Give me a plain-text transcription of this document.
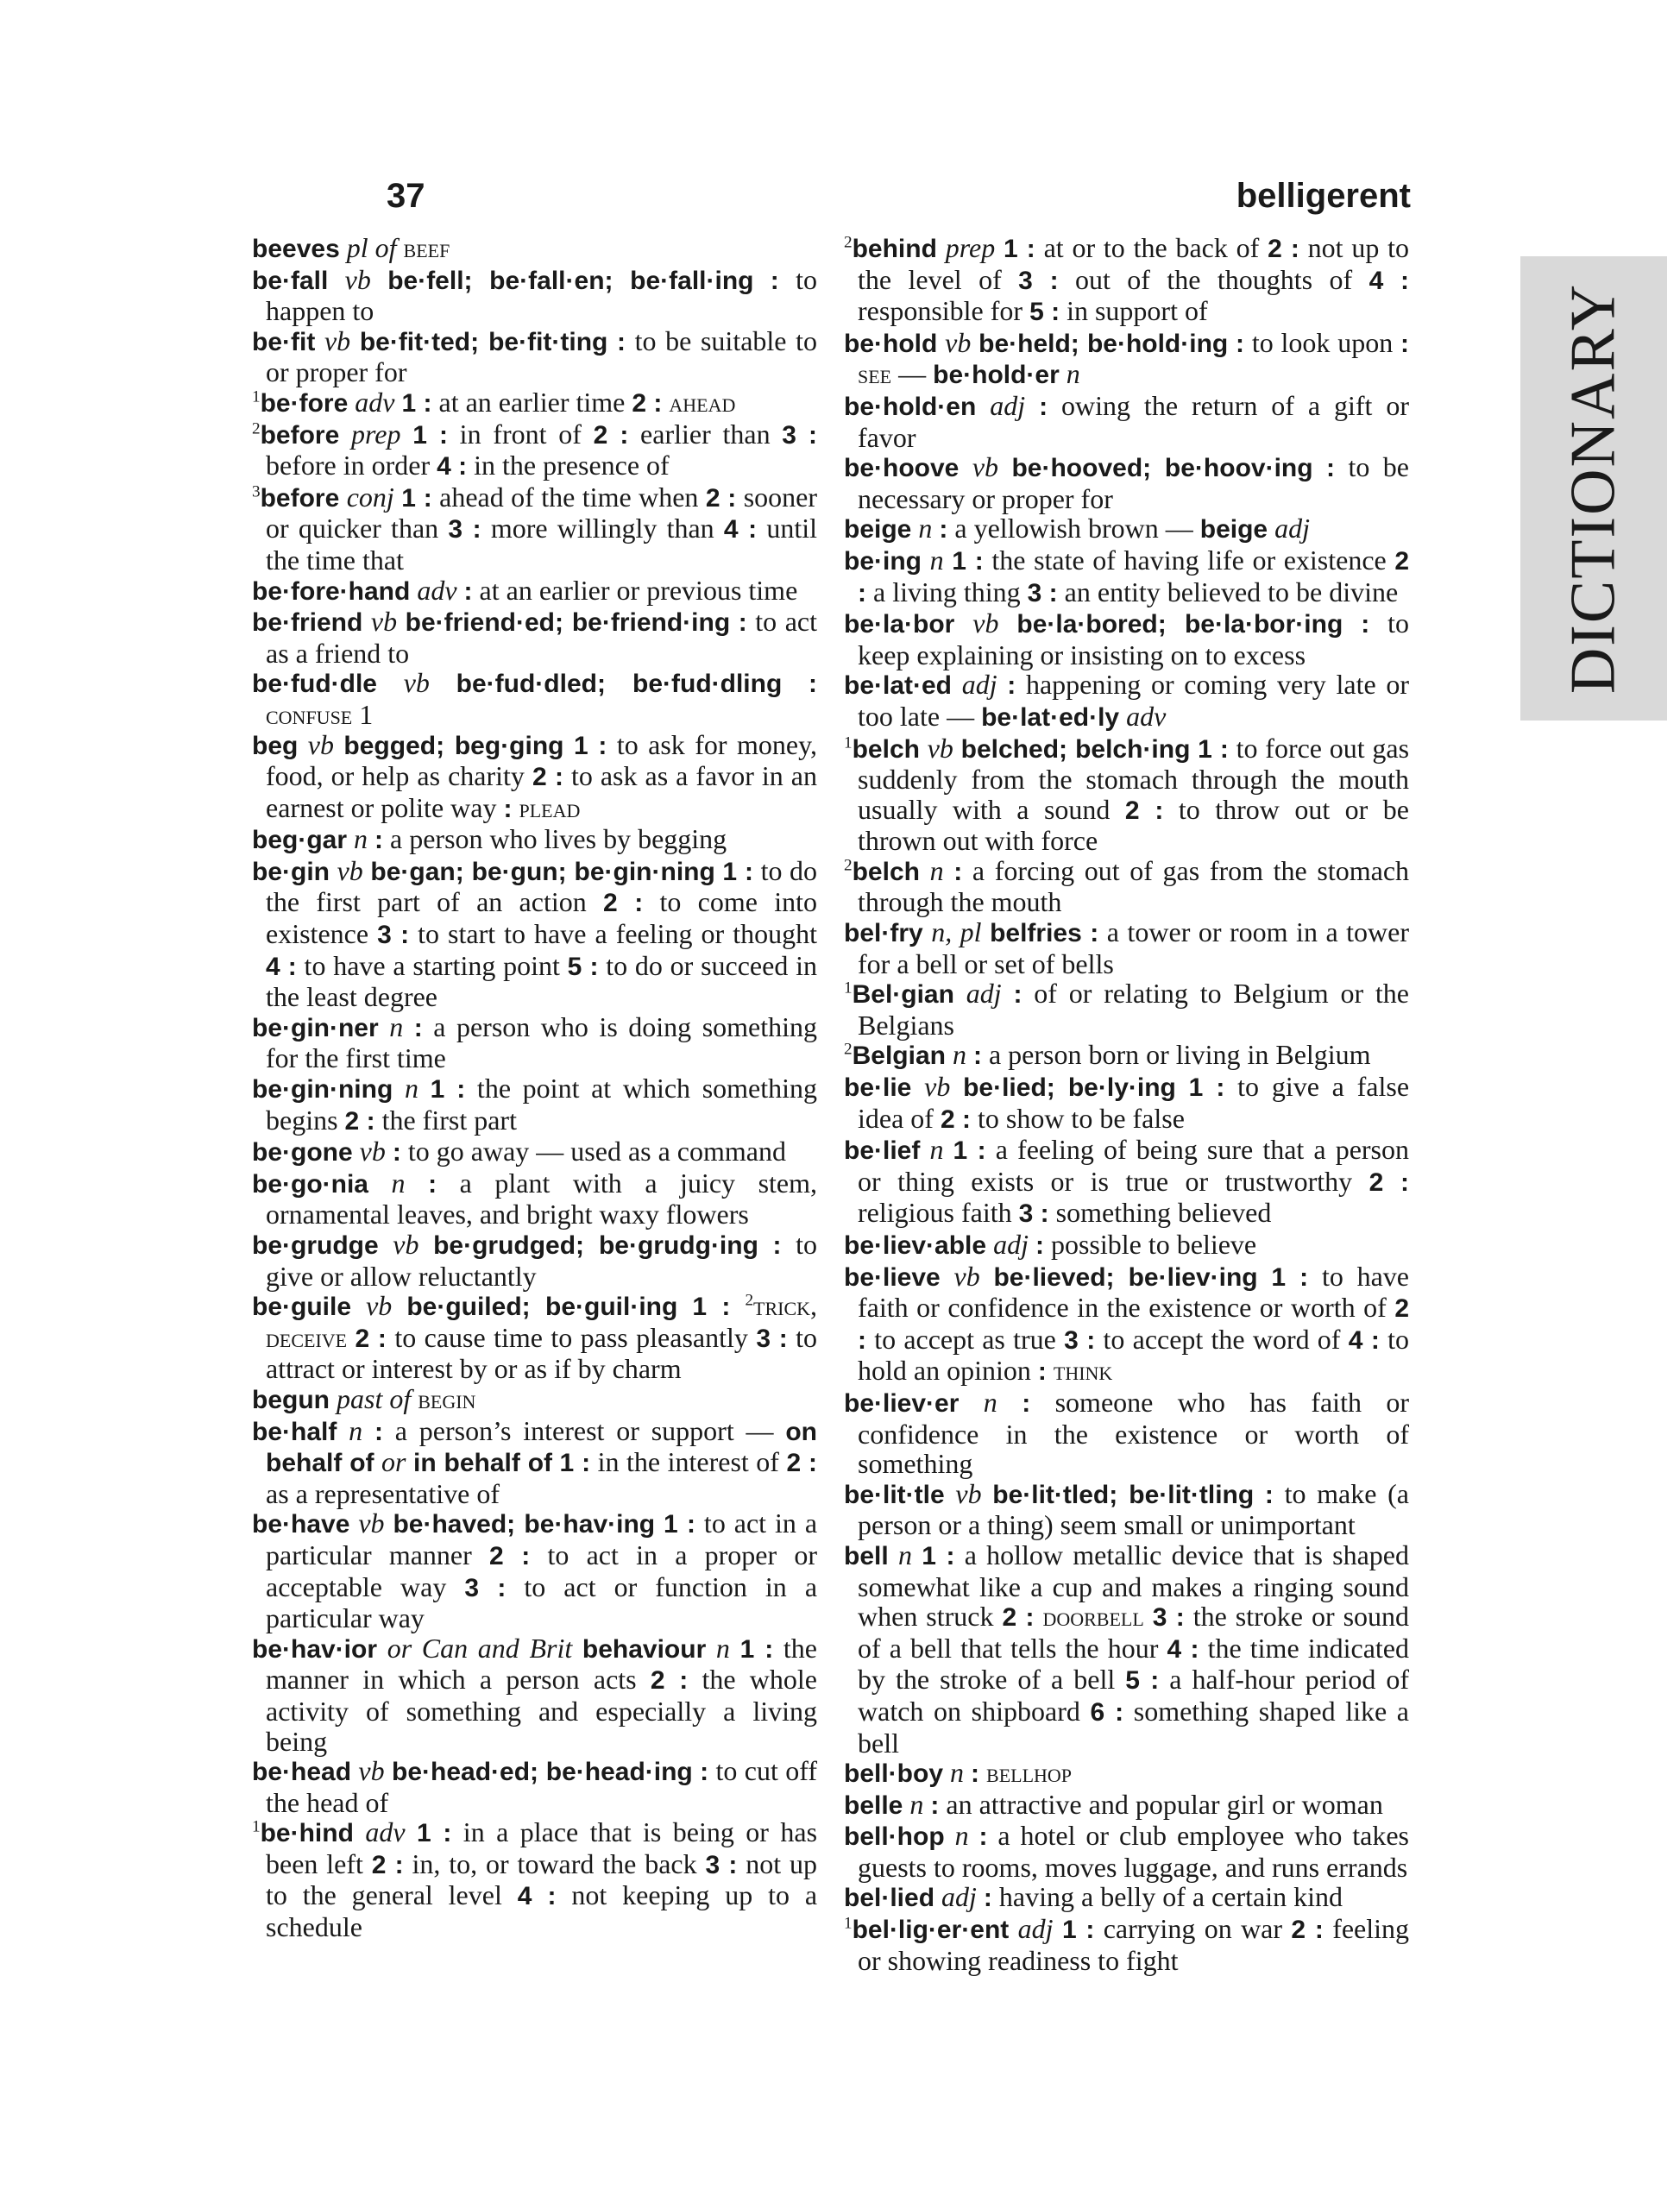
37	belligerent
DICTIONARY

beeves pl of beef

be·fall vb be·fell; be·fall·en; be·fall·ing : to happen to

be·fit vb be·fit·ted; be·fit·ting : to be suitable to or proper for

$^1$be·fore adv 1 : at an earlier time 2 : ahead

$^2$before prep 1 : in front of 2 : earlier than 3 : before in order 4 : in the presence of

$^3$before conj 1 : ahead of the time when 2 : sooner or quicker than 3 : more willingly than 4 : until the time that

be·fore·hand adv : at an earlier or previous time

be·friend vb be·friend·ed; be·friend·ing : to act as a friend to

be·fud·dle vb be·fud·dled; be·fud·dling : confuse 1

beg vb begged; beg·ging 1 : to ask for money, food, or help as charity 2 : to ask as a favor in an earnest or polite way : plead

beg·gar n : a person who lives by begging

be·gin vb be·gan; be·gun; be·gin·ning 1 : to do the first part of an action 2 : to come into existence 3 : to start to have a feeling or thought 4 : to have a starting point 5 : to do or succeed in the least degree

be·gin·ner n : a person who is doing something for the first time

be·gin·ning n 1 : the point at which something begins 2 : the first part

be·gone vb : to go away — used as a command

be·go·nia n : a plant with a juicy stem, ornamental leaves, and bright waxy flowers

be·grudge vb be·grudged; be·grudg·ing : to give or allow reluctantly

be·guile vb be·guiled; be·guil·ing 1 : $^2$trick, deceive 2 : to cause time to pass pleasantly 3 : to attract or interest by or as if by charm

begun past of begin

be·half n : a person’s interest or support — on behalf of or in behalf of 1 : in the interest of 2 : as a representative of

be·have vb be·haved; be·hav·ing 1 : to act in a particular manner 2 : to act in a proper or acceptable way 3 : to act or function in a particular way

be·hav·ior or Can and Brit behaviour n 1 : the manner in which a person acts 2 : the whole activity of something and especially a living being

be·head vb be·head·ed; be·head·ing : to cut off the head of

$^1$be·hind adv 1 : in a place that is being or has been left 2 : in, to, or toward the back 3 : not up to the general level 4 : not keeping up to a schedule

$^2$behind prep 1 : at or to the back of 2 : not up to the level of 3 : out of the thoughts of 4 : responsible for 5 : in support of

be·hold vb be·held; be·hold·ing : to look upon : see — be·hold·er n

be·hold·en adj : owing the return of a gift or favor

be·hoove vb be·hooved; be·hoov·ing : to be necessary or proper for

beige n : a yellowish brown — beige adj

be·ing n 1 : the state of having life or existence 2 : a living thing 3 : an entity believed to be divine

be·la·bor vb be·la·bored; be·la·bor·ing : to keep explaining or insisting on to excess

be·lat·ed adj : happening or coming very late or too late — be·lat·ed·ly adv

$^1$belch vb belched; belch·ing 1 : to force out gas suddenly from the stomach through the mouth usually with a sound 2 : to throw out or be thrown out with force

$^2$belch n : a forcing out of gas from the stomach through the mouth

bel·fry n, pl belfries : a tower or room in a tower for a bell or set of bells

$^1$Bel·gian adj : of or relating to Belgium or the Belgians

$^2$Belgian n : a person born or living in Belgium

be·lie vb be·lied; be·ly·ing 1 : to give a false idea of 2 : to show to be false

be·lief n 1 : a feeling of being sure that a person or thing exists or is true or trustworthy 2 : religious faith 3 : something believed

be·liev·able adj : possible to believe

be·lieve vb be·lieved; be·liev·ing 1 : to have faith or confidence in the existence or worth of 2 : to accept as true 3 : to accept the word of 4 : to hold an opinion : think

be·liev·er n : someone who has faith or confidence in the existence or worth of something

be·lit·tle vb be·lit·tled; be·lit·tling : to make (a person or a thing) seem small or unimportant

bell n 1 : a hollow metallic device that is shaped somewhat like a cup and makes a ringing sound when struck 2 : doorbell 3 : the stroke or sound of a bell that tells the hour 4 : the time indicated by the stroke of a bell 5 : a half-hour period of watch on shipboard 6 : something shaped like a bell

bell·boy n : bellhop

belle n : an attractive and popular girl or woman

bell·hop n : a hotel or club employee who takes guests to rooms, moves luggage, and runs errands

bel·lied adj : having a belly of a certain kind

$^1$bel·lig·er·ent adj 1 : carrying on war 2 : feeling or showing readiness to fight
